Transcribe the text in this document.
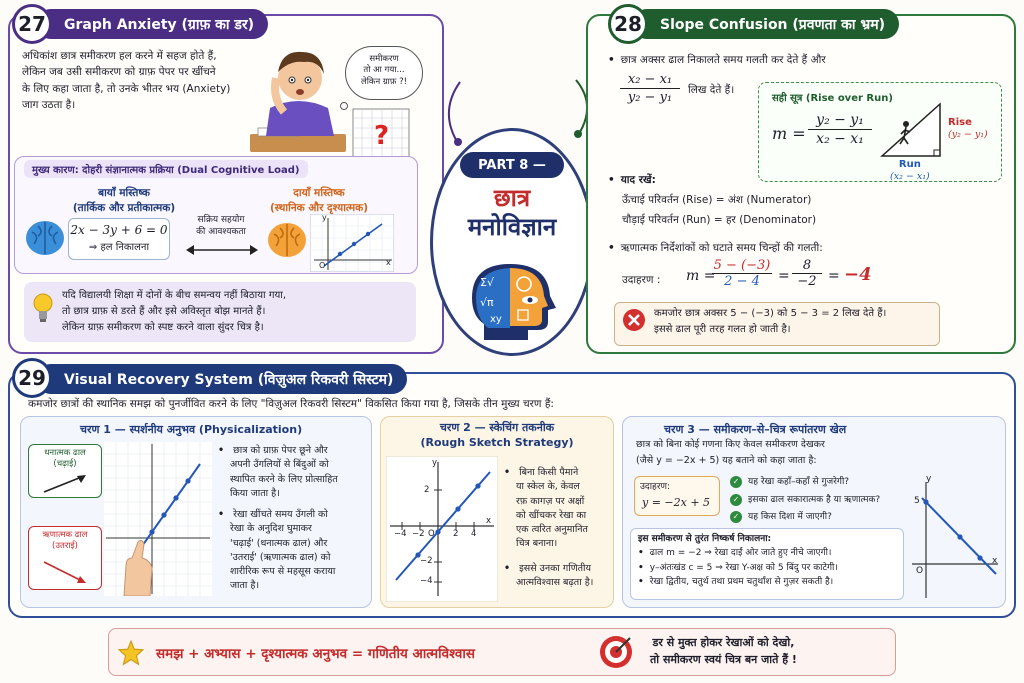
Graph Anxiety (ग्राफ़ का डर)
27
अधिकांश छात्र समीकरण हल करने में सहज होते हैं,
लेकिन जब उसी समीकरण को ग्राफ़ पेपर पर खींचने
के लिए कहा जाता है, तो उनके भीतर भय (Anxiety)
जाग उठता है।
समीकरण
तो आ गया...
लेकिन ग्राफ़ ?!
?
मुख्य कारण: दोहरी संज्ञानात्मक प्रक्रिया (Dual Cognitive Load)
बायाँ मस्तिष्क
(तार्किक और प्रतीकात्मक)
2x − 3y + 6 = 0
⇒ हल निकालना
सक्रिय सहयोग
की आवश्यकता
दायाँ मस्तिष्क
(स्थानिक और दृश्यात्मक)
O	x
y
यदि विद्यालयी शिक्षा में दोनों के बीच समन्वय नहीं बिठाया गया,
तो छात्र ग्राफ़ से डरते हैं और इसे अविस्तृत बोझ मानते हैं।
लेकिन ग्राफ़ समीकरण को स्पष्ट करने वाला सुंदर चित्र है।
PART 8 —
छात्र
मनोविज्ञान
Σ√
√π
xy
Slope Confusion (प्रवणता का भ्रम)
28
• छात्र अक्सर ढाल निकालते समय गलती कर देते हैं और
x₂ − x₁
y₂ − y₁	लिख देते हैं।
सही सूत्र (Rise over Run)
m =
y₂ − y₁
x₂ − x₁
Rise
(y₂ − y₁)
Run
(x₂ − x₁)
• याद रखें:
ऊँचाई परिवर्तन (Rise) = अंश (Numerator)
चौड़ाई परिवर्तन (Run) = हर (Denominator)
• ऋणात्मक निर्देशांकों को घटाते समय चिन्हों की गलती:
उदाहरण : m =
5 − (−3)
2 − 4	=
8
−2 = −4
कमजोर छात्र अक्सर 5 − (−3) को 5 − 3 = 2 लिख देते हैं।
इससे ढाल पूरी तरह गलत हो जाती है।
Visual Recovery System (विज़ुअल रिकवरी सिस्टम)
29
कमजोर छात्रों की स्थानिक समझ को पुनर्जीवित करने के लिए "विज़ुअल रिकवरी सिस्टम" विकसित किया गया है, जिसके तीन मुख्य चरण हैं:
चरण 1 — स्पर्शनीय अनुभव (Physicalization)
धनात्मक ढाल
(चढ़ाई)
ऋणात्मक ढाल
(उतराई)
• छात्र को ग्राफ़ पेपर छूने और
अपनी उँगलियों से बिंदुओं को
स्थापित करने के लिए प्रोत्साहित
किया जाता है।
• रेखा खींचते समय उँगली को
रेखा के अनुदिश घुमाकर
'चढ़ाई' (धनात्मक ढाल) और
'उतराई' (ऋणात्मक ढाल) को
शारीरिक रूप से महसूस कराया
जाता है।
चरण 2 — स्केचिंग तकनीक
(Rough Sketch Strategy)
y
2
−2
−4
−4 −2 O 2 4
x
• बिना किसी पैमाने
या स्केल के, केवल
रफ़ कागज़ पर अक्षों
को खींचकर रेखा का
एक त्वरित अनुमानित
चित्र बनाना।
• इससे उनका गणितीय
आत्मविश्वास बढ़ता है।
चरण 3 — समीकरण–से–चित्र रूपांतरण खेल
छात्र को बिना कोई गणना किए केवल समीकरण देखकर
(जैसे y = −2x + 5) यह बताने को कहा जाता है:
उदाहरण:
y = −2x + 5
✓ यह रेखा कहाँ–कहाँ से गुजरेगी?
✓ इसका ढाल सकारात्मक है या ऋणात्मक?
✓ यह किस दिशा में जाएगी?
इस समीकरण से तुरंत निष्कर्ष निकालना:
• ढाल m = −2 ⇒ रेखा दाईं ओर जाते हुए नीचे जाएगी।
• y–अंतःखंड c = 5 ⇒ रेखा Y-अक्ष को 5 बिंदु पर काटेगी।
• रेखा द्वितीय, चतुर्थ तथा प्रथम चतुर्थांश से गुज़र सकती है।
y
5
O
x
समझ + अभ्यास + दृश्यात्मक अनुभव = गणितीय आत्मविश्वास
डर से मुक्त होकर रेखाओं को देखो,
तो समीकरण स्वयं चित्र बन जाते हैं !
